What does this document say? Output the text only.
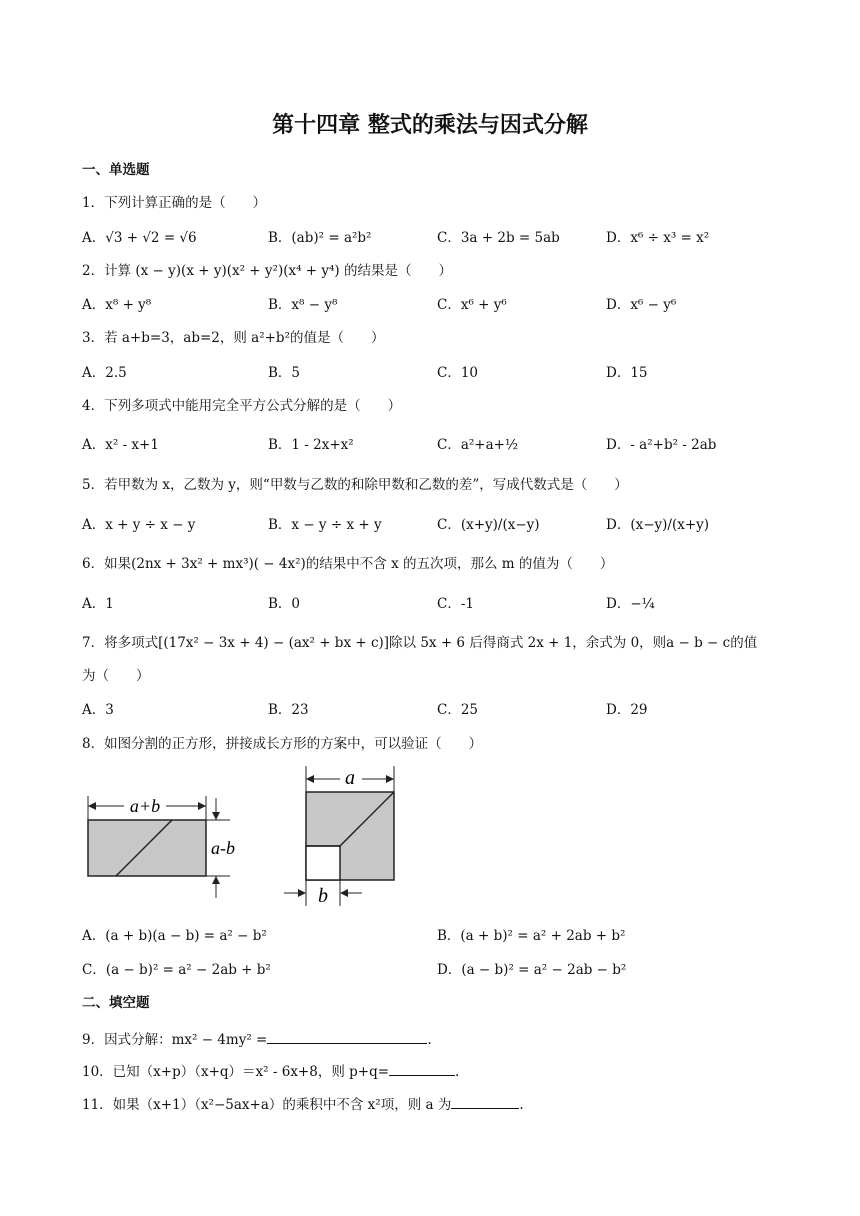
第十四章 整式的乘法与因式分解
一、单选题
1．下列计算正确的是（　　）
A．√3 + √2 = √6	B．(ab)² = a²b²	C．3a + 2b = 5ab	D．x⁶ ÷ x³ = x²
2．计算 (x − y)(x + y)(x² + y²)(x⁴ + y⁴) 的结果是（　　）
A．x⁸ + y⁸	B．x⁸ − y⁸	C．x⁶ + y⁶	D．x⁶ − y⁶
3．若 a+b=3，ab=2，则 a²+b²的值是（　　）
A．2.5	B．5	C．10	D．15
4．下列多项式中能用完全平方公式分解的是（　　）
A．x² - x+1	B．1 - 2x+x²	C．a²+a+½	D．- a²+b² - 2ab
5．若甲数为 x，乙数为 y，则“甲数与乙数的和除甲数和乙数的差”，写成代数式是（　　）
A．x + y ÷ x − y	B．x − y ÷ x + y	C．(x+y)/(x−y)	D．(x−y)/(x+y)
6．如果(2nx + 3x² + mx³)( − 4x²)的结果中不含 x 的五次项，那么 m 的值为（　　）
A．1	B．0	C．-1	D．−¼
7．将多项式[(17x² − 3x + 4) − (ax² + bx + c)]除以 5x + 6 后得商式 2x + 1，余式为 0，则a − b − c的值
为（　　）
A．3	B．23	C．25	D．29
8．如图分割的正方形，拼接成长方形的方案中，可以验证（　　）
a+b
a-b
a
b
A．(a + b)(a − b) = a² − b²	B．(a + b)² = a² + 2ab + b²
C．(a − b)² = a² − 2ab + b²	D．(a − b)² = a² − 2ab − b²
二、填空题
9．因式分解：mx² − 4my² =	.
10．已知（x+p）（x+q）＝x² - 6x+8，则 p+q=	.
11．如果（x+1）（x²−5ax+a）的乘积中不含 x²项，则 a 为	.
